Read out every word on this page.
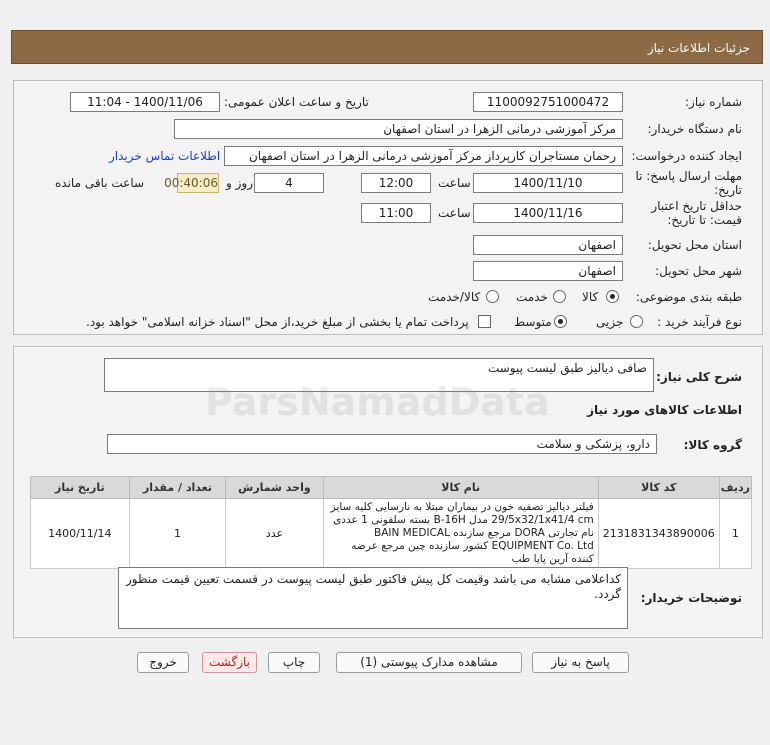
جزئیات اطلاعات نیاز
شماره نیاز:
1100092751000472
تاریخ و ساعت اعلان عمومی:
1400/11/06 - 11:04
نام دستگاه خریدار:
مرکز آموزشی درمانی الزهرا در استان اصفهان
ایجاد کننده درخواست:
رحمان مستاجران کارپرداز مرکز آموزشی درمانی الزهرا در استان اصفهان
اطلاعات تماس خریدار
مهلت ارسال پاسخ: تا تاریخ:
1400/11/10
ساعت
12:00
4
روز و
00:40:06
ساعت باقی مانده
حداقل تاریخ اعتبار قیمت: تا تاریخ:
1400/11/16
ساعت
11:00
استان محل تحویل:
اصفهان
شهر محل تحویل:
اصفهان
طبقه بندی موضوعی:
کالا
خدمت
کالا/خدمت
نوع فرآیند خرید :
جزیی
متوسط
پرداخت تمام یا بخشی از مبلغ خرید،از محل "اسناد خزانه اسلامی" خواهد بود.
شرح کلی نیاز:
صافی دیالیز طبق لیست پیوست
اطلاعات کالاهای مورد نیاز
گروه کالا:
دارو، پزشکی و سلامت
ردیف	کد کالا	نام کالا	واحد شمارش	تعداد / مقدار	تاریخ نیاز
1	2131831343890006	فیلتر دیالیز تصفیه خون در بیماران مبتلا به نارسایی کلیه سایز 29/5x32/1x41/4 cm مدل B-16H بسته سلفونی 1 عددی نام تجارتی DORA مرجع سازنده BAIN MEDICAL EQUIPMENT Co. Ltd کشور سازنده چین مرجع عرضه کننده آرین پایا طب	عدد	1	1400/11/14
توضیحات خریدار:
کداعلامی مشابه می باشد وقیمت کل پیش فاکتور طبق لیست پیوست در قسمت تعیین قیمت منظور گردد.
پاسخ به نیاز
مشاهده مدارک پیوستی (1)
چاپ
بازگشت
خروج
